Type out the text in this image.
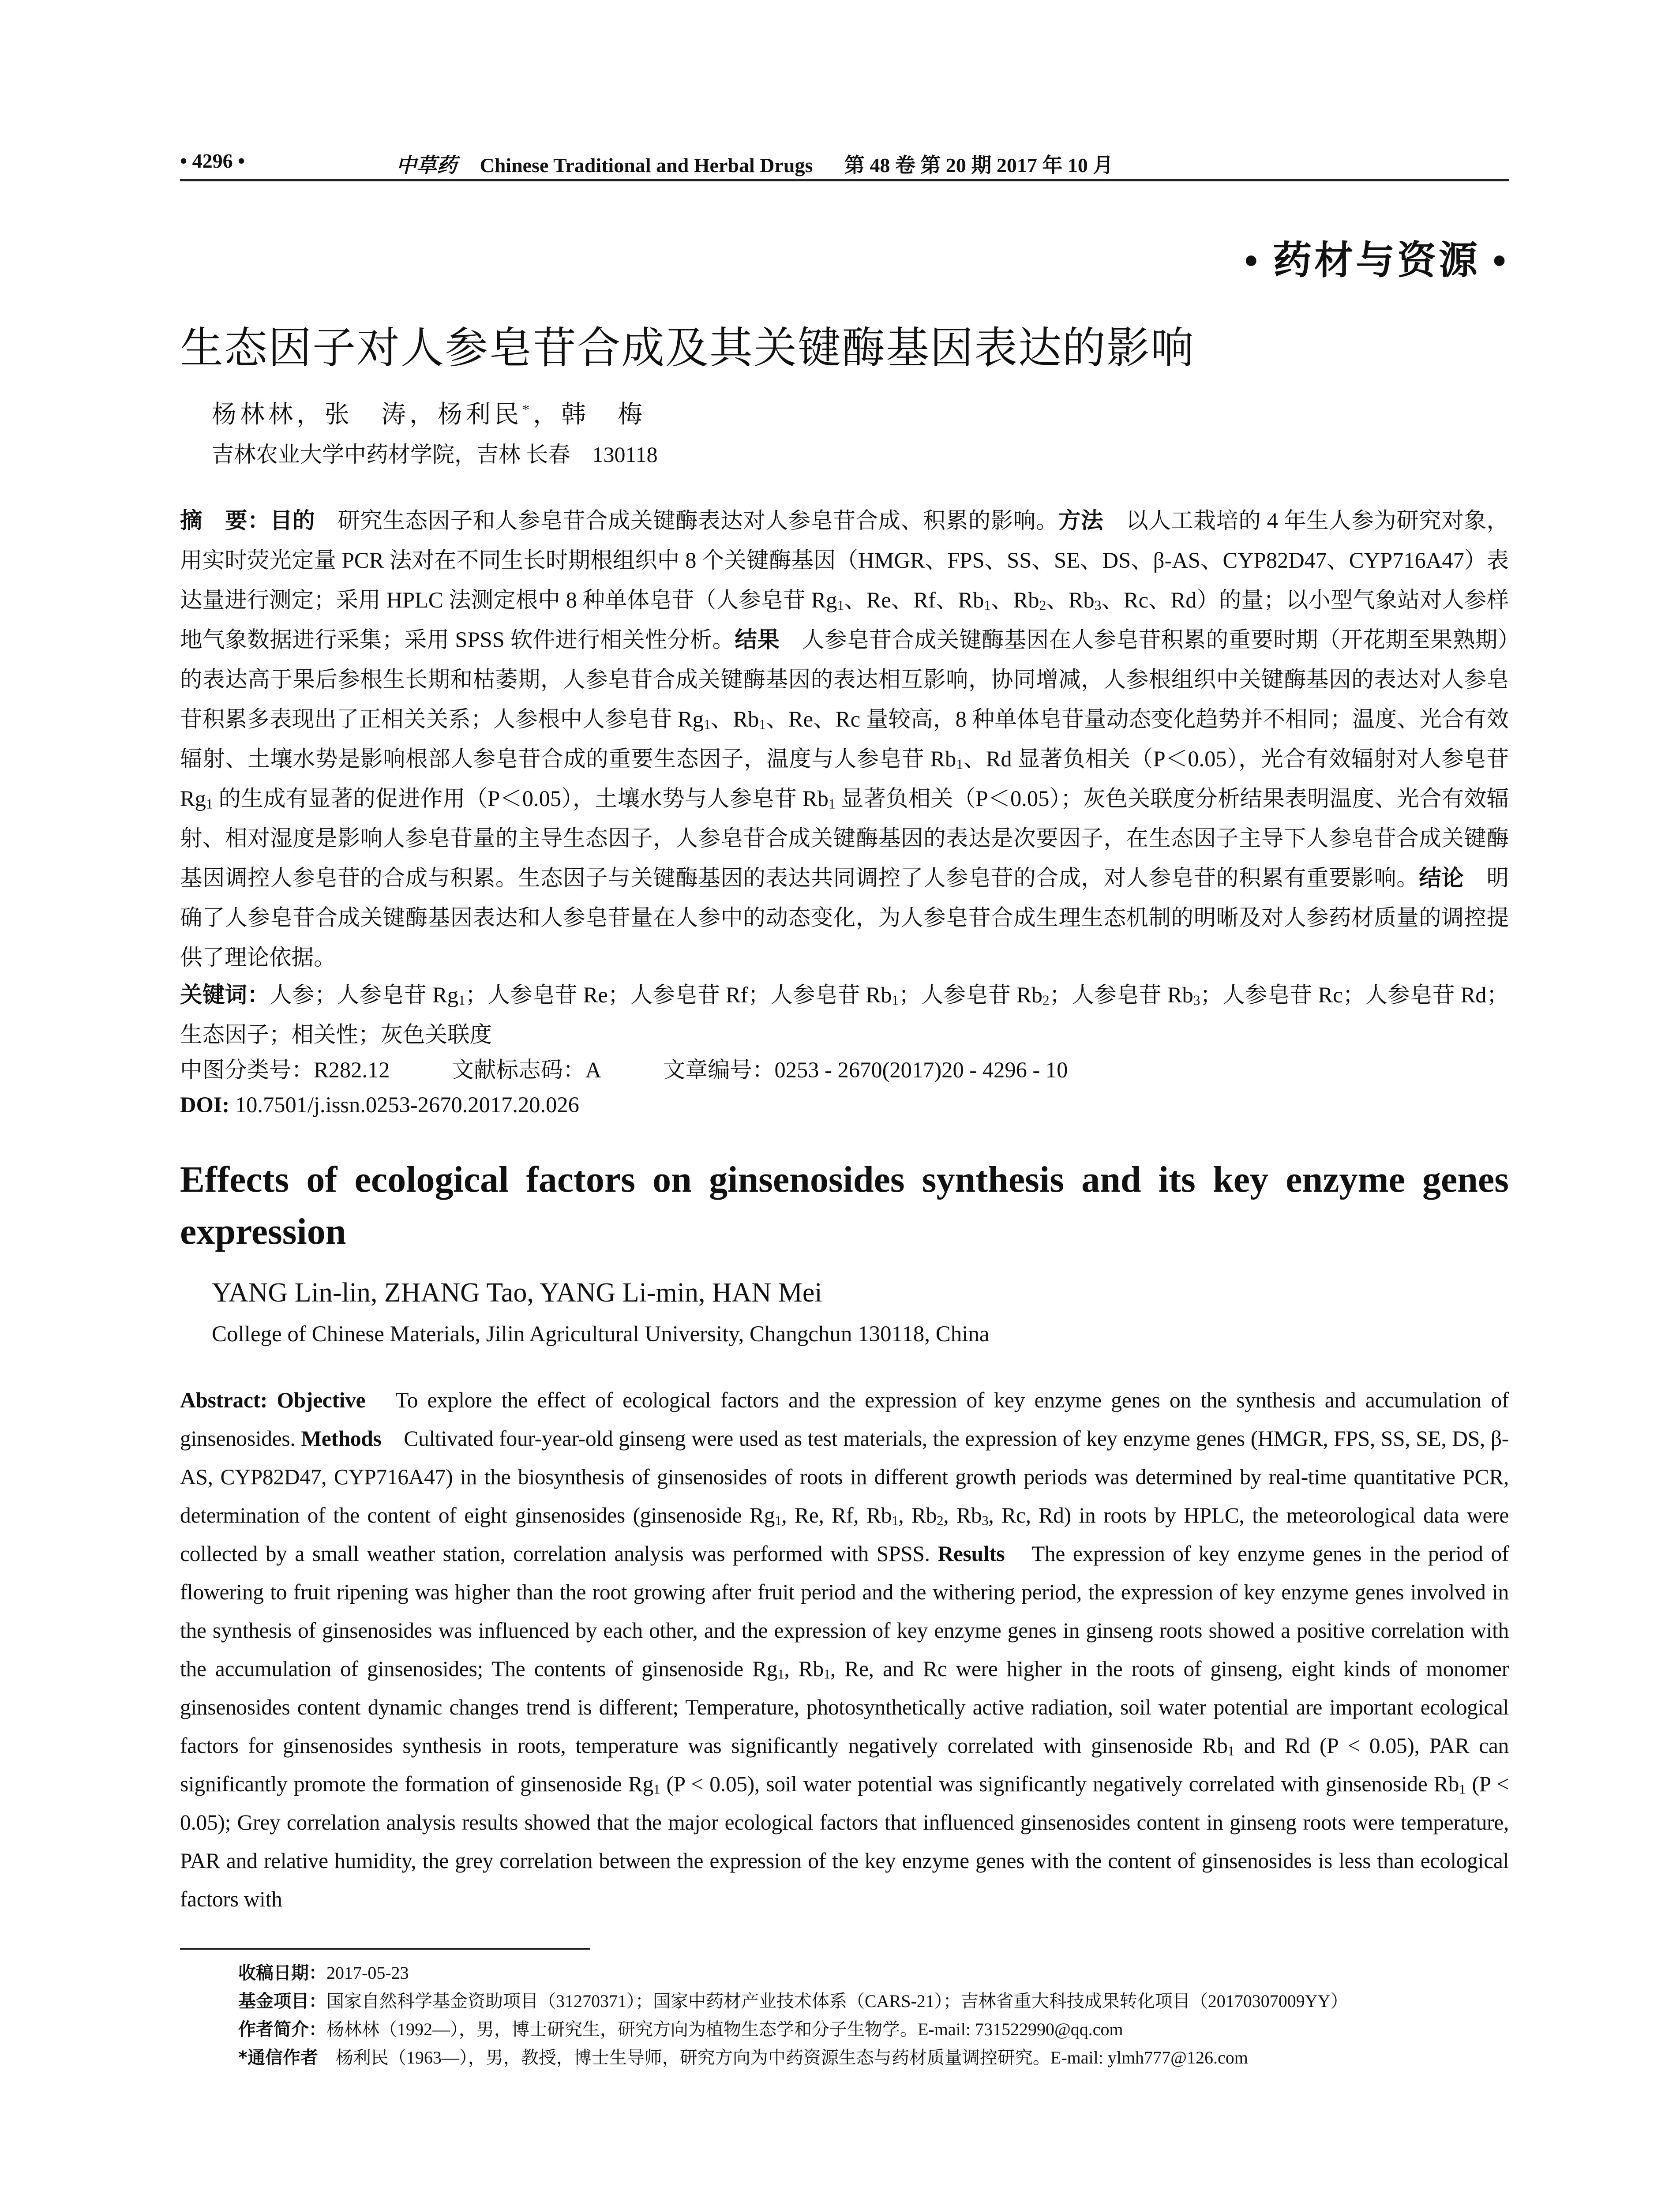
• 4296 •	中草药 Chinese Traditional and Herbal Drugs 第 48 卷 第 20 期 2017 年 10 月
• 药材与资源 •
生态因子对人参皂苷合成及其关键酶基因表达的影响
杨林林，张　涛，杨利民*，韩　梅
吉林农业大学中药材学院，吉林 长春　130118
摘　要：目的　研究生态因子和人参皂苷合成关键酶表达对人参皂苷合成、积累的影响。方法　以人工栽培的 4 年生人参为研究对象，用实时荧光定量 PCR 法对在不同生长时期根组织中 8 个关键酶基因（HMGR、FPS、SS、SE、DS、β-AS、CYP82D47、CYP716A47）表达量进行测定；采用 HPLC 法测定根中 8 种单体皂苷（人参皂苷 $Rg_1$、Re、Rf、$Rb_1$、$Rb_2$、$Rb_3$、Rc、Rd）的量；以小型气象站对人参样地气象数据进行采集；采用 SPSS 软件进行相关性分析。结果　人参皂苷合成关键酶基因在人参皂苷积累的重要时期（开花期至果熟期）的表达高于果后参根生长期和枯萎期，人参皂苷合成关键酶基因的表达相互影响，协同增减，人参根组织中关键酶基因的表达对人参皂苷积累多表现出了正相关关系；人参根中人参皂苷 $Rg_1$、$Rb_1$、Re、Rc 量较高，8 种单体皂苷量动态变化趋势并不相同；温度、光合有效辐射、土壤水势是影响根部人参皂苷合成的重要生态因子，温度与人参皂苷 $Rb_1$、Rd 显著负相关（P＜0.05），光合有效辐射对人参皂苷 $Rg_1$ 的生成有显著的促进作用（P＜0.05），土壤水势与人参皂苷 $Rb_1$ 显著负相关（P＜0.05）；灰色关联度分析结果表明温度、光合有效辐射、相对湿度是影响人参皂苷量的主导生态因子，人参皂苷合成关键酶基因的表达是次要因子，在生态因子主导下人参皂苷合成关键酶基因调控人参皂苷的合成与积累。生态因子与关键酶基因的表达共同调控了人参皂苷的合成，对人参皂苷的积累有重要影响。结论　明确了人参皂苷合成关键酶基因表达和人参皂苷量在人参中的动态变化，为人参皂苷合成生理生态机制的明晰及对人参药材质量的调控提供了理论依据。
关键词：人参；人参皂苷 $Rg_1$；人参皂苷 Re；人参皂苷 Rf；人参皂苷 $Rb_1$；人参皂苷 $Rb_2$；人参皂苷 $Rb_3$；人参皂苷 Rc；人参皂苷 Rd；生态因子；相关性；灰色关联度
中图分类号：R282.12	文献标志码：A	文章编号：0253 - 2670(2017)20 - 4296 - 10
DOI: 10.7501/j.issn.0253-2670.2017.20.026
Effects of ecological factors on ginsenosides synthesis and its key enzyme genes expression
YANG Lin-lin, ZHANG Tao, YANG Li-min, HAN Mei
College of Chinese Materials, Jilin Agricultural University, Changchun 130118, China
Abstract: Objective　To explore the effect of ecological factors and the expression of key enzyme genes on the synthesis and accumulation of ginsenosides. Methods　Cultivated four-year-old ginseng were used as test materials, the expression of key enzyme genes (HMGR, FPS, SS, SE, DS, β-AS, CYP82D47, CYP716A47) in the biosynthesis of ginsenosides of roots in different growth periods was determined by real-time quantitative PCR, determination of the content of eight ginsenosides (ginsenoside $Rg_1$, Re, Rf, $Rb_1$, $Rb_2$, $Rb_3$, Rc, Rd) in roots by HPLC, the meteorological data were collected by a small weather station, correlation analysis was performed with SPSS. Results　The expression of key enzyme genes in the period of flowering to fruit ripening was higher than the root growing after fruit period and the withering period, the expression of key enzyme genes involved in the synthesis of ginsenosides was influenced by each other, and the expression of key enzyme genes in ginseng roots showed a positive correlation with the accumulation of ginsenosides; The contents of ginsenoside $Rg_1$, $Rb_1$, Re, and Rc were higher in the roots of ginseng, eight kinds of monomer ginsenosides content dynamic changes trend is different; Temperature, photosynthetically active radiation, soil water potential are important ecological factors for ginsenosides synthesis in roots, temperature was significantly negatively correlated with ginsenoside $Rb_1$ and Rd (P < 0.05), PAR can significantly promote the formation of ginsenoside $Rg_1$ (P < 0.05), soil water potential was significantly negatively correlated with ginsenoside $Rb_1$ (P < 0.05); Grey correlation analysis results showed that the major ecological factors that influenced ginsenosides content in ginseng roots were temperature, PAR and relative humidity, the grey correlation between the expression of the key enzyme genes with the content of ginsenosides is less than ecological factors with
收稿日期：2017-05-23
基金项目：国家自然科学基金资助项目（31270371）；国家中药材产业技术体系（CARS-21）；吉林省重大科技成果转化项目（20170307009YY）
作者简介：杨林林（1992—），男，博士研究生，研究方向为植物生态学和分子生物学。E-mail: 731522990@qq.com
*通信作者　杨利民（1963—），男，教授，博士生导师，研究方向为中药资源生态与药材质量调控研究。E-mail: ylmh777@126.com
